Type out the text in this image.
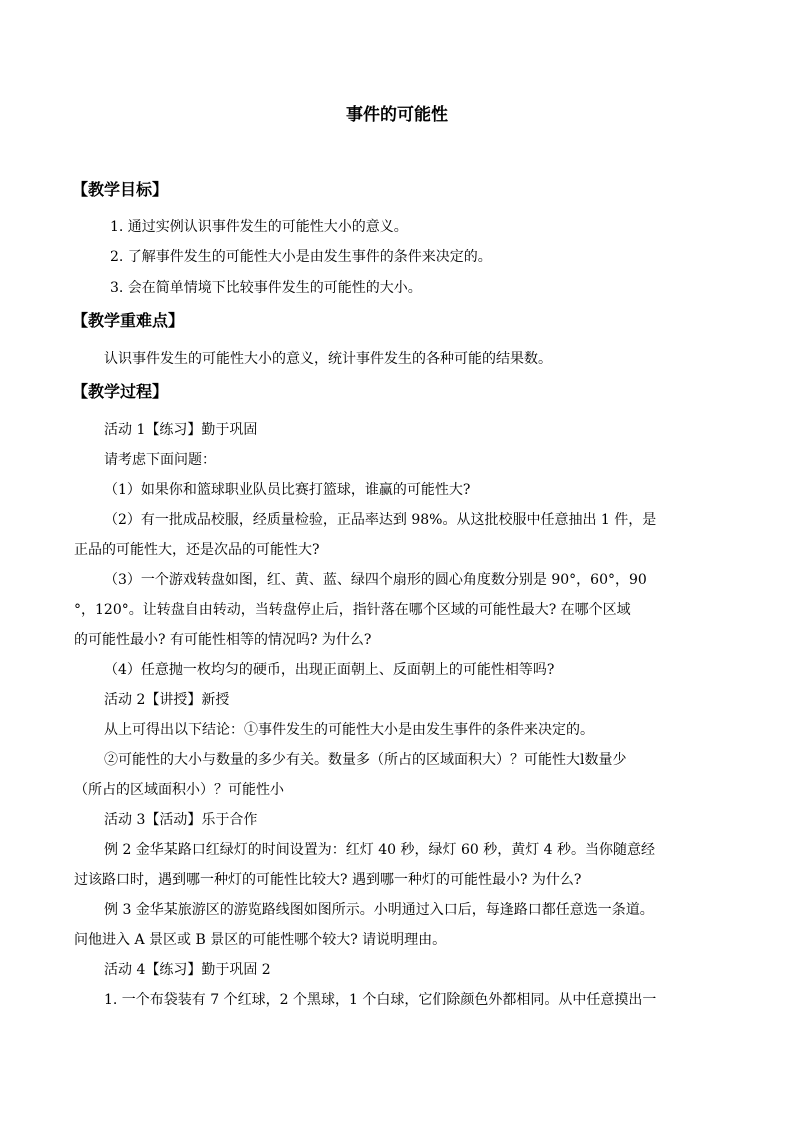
事件的可能性
【教学目标】
1. 通过实例认识事件发生的可能性大小的意义。
2. 了解事件发生的可能性大小是由发生事件的条件来决定的。
3. 会在简单情境下比较事件发生的可能性的大小。
【教学重难点】
认识事件发生的可能性大小的意义，统计事件发生的各种可能的结果数。
【教学过程】
活动 1【练习】勤于巩固
请考虑下面问题：
（1）如果你和篮球职业队员比赛打篮球，谁赢的可能性大?
（2）有一批成品校服，经质量检验，正品率达到 98%。从这批校服中任意抽出 1 件，是
正品的可能性大，还是次品的可能性大?
（3）一个游戏转盘如图，红、黄、蓝、绿四个扇形的圆心角度数分别是 90°，60°，90
°，120°。让转盘自由转动，当转盘停止后，指针落在哪个区域的可能性最大? 在哪个区域
的可能性最小? 有可能性相等的情况吗? 为什么?
（4）任意抛一枚均匀的硬币，出现正面朝上、反面朝上的可能性相等吗?
活动 2【讲授】新授
从上可得出以下结论：①事件发生的可能性大小是由发生事件的条件来决定的。
②可能性的大小与数量的多少有关。数量多（所占的区域面积大）？可能性大l数量少
（所占的区域面积小）？可能性小
活动 3【活动】乐于合作
例 2 金华某路口红绿灯的时间设置为：红灯 40 秒，绿灯 60 秒，黄灯 4 秒。当你随意经
过该路口时，遇到哪一种灯的可能性比较大? 遇到哪一种灯的可能性最小? 为什么?
例 3 金华某旅游区的游览路线图如图所示。小明通过入口后，每逢路口都任意选一条道。
问他进入 A 景区或 B 景区的可能性哪个较大? 请说明理由。
活动 4【练习】勤于巩固 2
1. 一个布袋装有 7 个红球，2 个黑球，1 个白球，它们除颜色外都相同。从中任意摸出一
